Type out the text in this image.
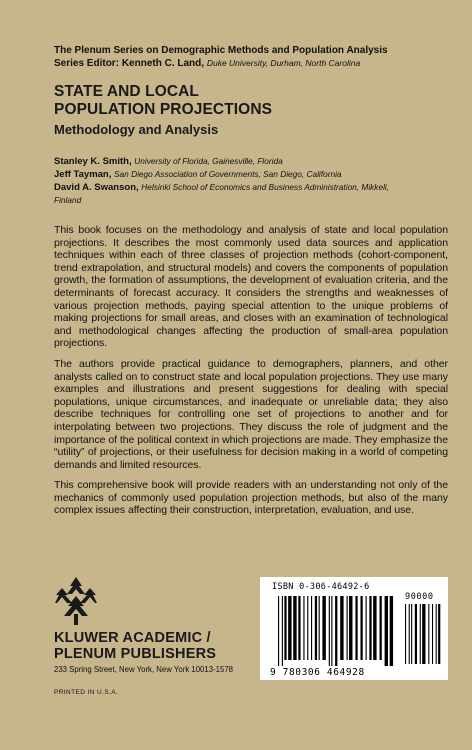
The Plenum Series on Demographic Methods and Population Analysis
Series Editor: Kenneth C. Land, Duke University, Durham, North Carolina
STATE AND LOCAL
POPULATION PROJECTIONS
Methodology and Analysis
Stanley K. Smith, University of Florida, Gainesville, Florida
Jeff Tayman, San Diego Association of Governments, San Diego, California
David A. Swanson, Helsinki School of Economics and Business Administration, Mikkeli,
Finland

This book focuses on the methodology and analysis of state and local population projections. It describes the most commonly used data sources and application techniques within each of three classes of projection methods (cohort-component, trend extrapolation, and structural models) and covers the components of population growth, the formation of assumptions, the development of evaluation criteria, and the determinants of forecast accuracy. It considers the strengths and weaknesses of various projection methods, paying special attention to the unique problems of making projections for small areas, and closes with an examination of technological and methodological changes affecting the production of small-area population projections.

The authors provide practical guidance to demographers, planners, and other analysts called on to construct state and local population projections. They use many examples and illustrations and present suggestions for dealing with special populations, unique circumstances, and inadequate or unreliable data; they also describe techniques for controlling one set of projections to another and for interpolating between two projections. They discuss the role of judgment and the importance of the political context in which projections are made. They emphasize the “utility” of projections, or their usefulness for decision making in a world of competing demands and limited resources.

This comprehensive book will provide readers with an understanding not only of the mechanics of commonly used population projection methods, but also of the many complex issues affecting their construction, interpretation, evaluation, and use.

KLUWER ACADEMIC /
PLENUM PUBLISHERS
233 Spring Street, New York, New York 10013-1578
PRINTED IN U.S.A.
ISBN 0-306-46492-6
90000
9 780306 464928
